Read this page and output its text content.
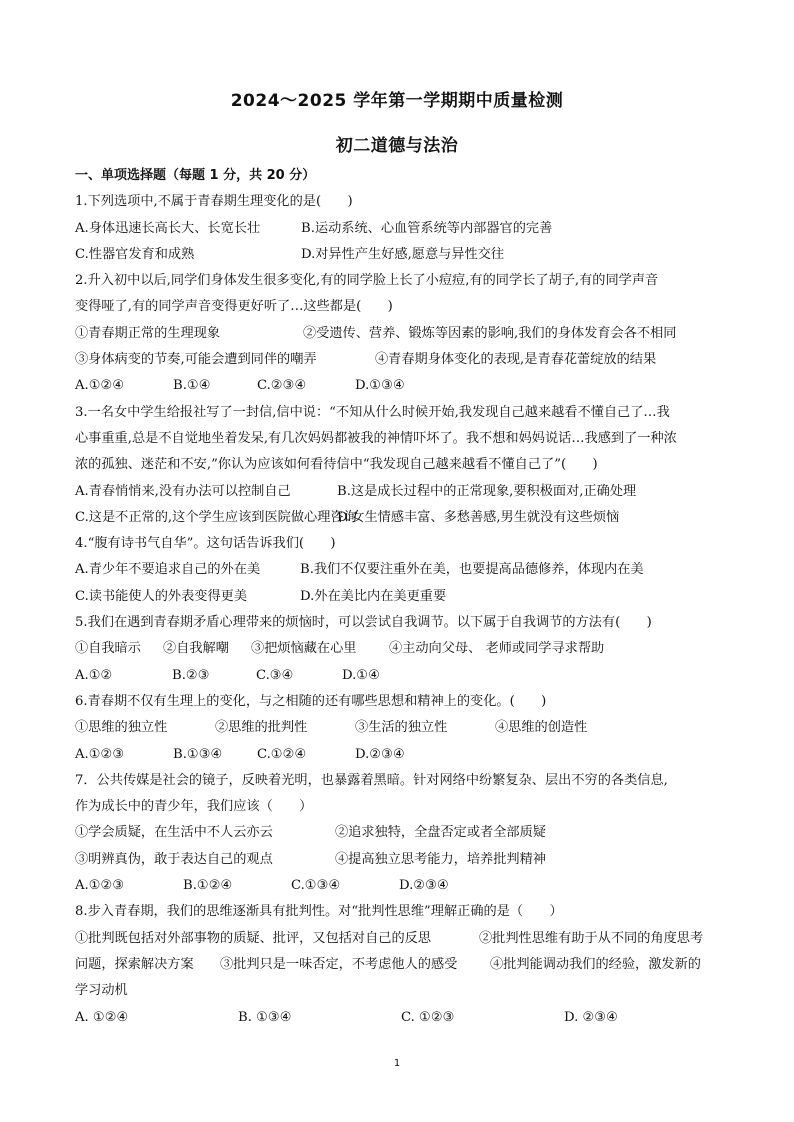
2024～2025 学年第一学期期中质量检测
初二道德与法治
一、单项选择题（每题 1 分，共 20 分）
1.下列选项中,不属于青春期生理变化的是(　　)
A.身体迅速长高长大、长宽长壮	B.运动系统、心血管系统等内部器官的完善
C.性器官发育和成熟	D.对异性产生好感,愿意与异性交往
2.升入初中以后,同学们身体发生很多变化,有的同学脸上长了小痘痘,有的同学长了胡子,有的同学声音
变得哑了,有的同学声音变得更好听了…这些都是(　　)
①青春期正常的生理现象	②受遗传、营养、锻炼等因素的影响,我们的身体发育会各不相同
③身体病变的节奏,可能会遭到同伴的嘲弄	④青春期身体变化的表现,是青春花蕾绽放的结果
A.①②④	B.①④	C.②③④	D.①③④
3.一名女中学生给报社写了一封信,信中说：“不知从什么时候开始,我发现自己越来越看不懂自己了…我
心事重重,总是不自觉地坐着发呆,有几次妈妈都被我的神情吓坏了。我不想和妈妈说话…我感到了一种浓
浓的孤独、迷茫和不安,”你认为应该如何看待信中“我发现自己越来越看不懂自己了”(　　)
A.青春悄悄来,没有办法可以控制自己	B.这是成长过程中的正常现象,要积极面对,正确处理
C.这是不正常的,这个学生应该到医院做心理咨询
D.女生情感丰富、多愁善感,男生就没有这些烦恼
4.“腹有诗书气自华”。这句话告诉我们(　　)
A.青少年不要追求自己的外在美	B.我们不仅要注重外在美，也要提高品德修养，体现内在美
C.读书能使人的外表变得更美	D.外在美比内在美更重要
5.我们在遇到青春期矛盾心理带来的烦恼时，可以尝试自我调节。以下属于自我调节的方法有(　　)
①自我暗示	②自我解嘲	③把烦恼藏在心里	④主动向父母、 老师或同学寻求帮助
A.①②	B.②③	C.③④	D.①④
6.青春期不仅有生理上的变化，与之相随的还有哪些思想和精神上的变化。(　　)
①思维的独立性	②思维的批判性	③生活的独立性	④思维的创造性
A.①②③	B.①③④	C.①②④	D.②③④
7．公共传媒是社会的镜子，反映着光明，也暴露着黑暗。针对网络中纷繁复杂、层出不穷的各类信息,
作为成长中的青少年，我们应该（　　）
①学会质疑，在生活中不人云亦云	②追求独特，全盘否定或者全部质疑
③明辨真伪，敢于表达自己的观点	④提高独立思考能力，培养批判精神
A.①②③	B.①②④	C.①③④	D.②③④
8.步入青春期，我们的思维逐渐具有批判性。对“批判性思维”理解正确的是（　　）
①批判既包括对外部事物的质疑、批评，又包括对自己的反思	②批判性思维有助于从不同的角度思考
问题，探索解决方案	③批判只是一味否定，不考虑他人的感受	④批判能调动我们的经验，激发新的
学习动机
A. ①②④	B. ①③④	C. ①②③	D. ②③④
1
